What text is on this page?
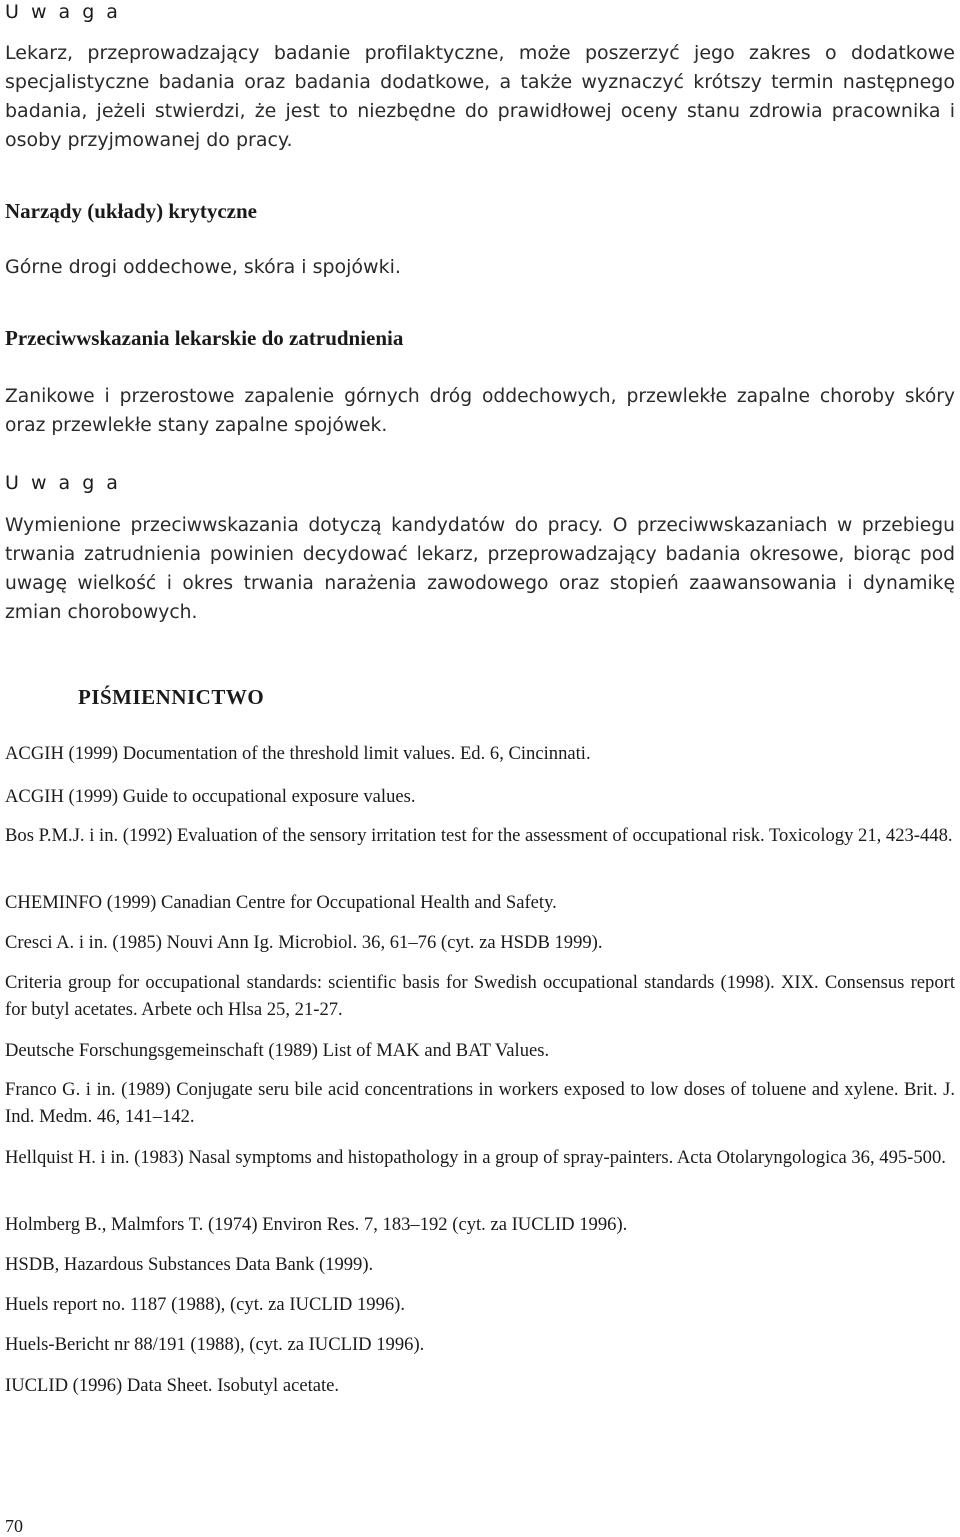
U w a g a

Lekarz, przeprowadzający badanie profilaktyczne, może poszerzyć jego zakres o dodatkowe specjalistyczne badania oraz badania dodatkowe, a także wyznaczyć krótszy termin następnego badania, jeżeli stwierdzi, że jest to niezbędne do prawidłowej oceny stanu zdrowia pracownika i osoby przyjmowanej do pracy.

Narządy (układy) krytyczne
Górne drogi oddechowe, skóra i spojówki.
Przeciwwskazania lekarskie do zatrudnienia

Zanikowe i przerostowe zapalenie górnych dróg oddechowych, przewlekłe zapalne choroby skóry oraz przewlekłe stany zapalne spojówek.

U w a g a

Wymienione przeciwwskazania dotyczą kandydatów do pracy. O przeciwwskazaniach w przebiegu trwania zatrudnienia powinien decydować lekarz, przeprowadzający badania okresowe, biorąc pod uwagę wielkość i okres trwania narażenia zawodowego oraz stopień zaawansowania i dynamikę zmian chorobowych.

PIŚMIENNICTWO
ACGIH (1999) Documentation of the threshold limit values. Ed. 6, Cincinnati.
ACGIH (1999) Guide to occupational exposure values.
Bos P.M.J. i in. (1992) Evaluation of the sensory irritation test for the assessment of occupational risk. Toxicology 21, 423-448.
CHEMINFO (1999) Canadian Centre for Occupational Health and Safety.
Cresci A. i in. (1985) Nouvi Ann Ig. Microbiol. 36, 61–76 (cyt. za HSDB 1999).
Criteria group for occupational standards: scientific basis for Swedish occupational standards (1998). XIX. Consensus report for butyl acetates. Arbete och Hlsa 25, 21-27.
Deutsche Forschungsgemeinschaft (1989) List of MAK and BAT Values.
Franco G. i in. (1989) Conjugate seru bile acid concentrations in workers exposed to low doses of toluene and xylene. Brit. J. Ind. Medm. 46, 141–142.
Hellquist H. i in. (1983) Nasal symptoms and histopathology in a group of spray-painters. Acta Otolaryngologica 36, 495-500.
Holmberg B., Malmfors T. (1974) Environ Res. 7, 183–192 (cyt. za IUCLID 1996).
HSDB, Hazardous Substances Data Bank (1999).
Huels report no. 1187 (1988), (cyt. za IUCLID 1996).
Huels-Bericht nr 88/191 (1988), (cyt. za IUCLID 1996).
IUCLID (1996) Data Sheet. Isobutyl acetate.
70
